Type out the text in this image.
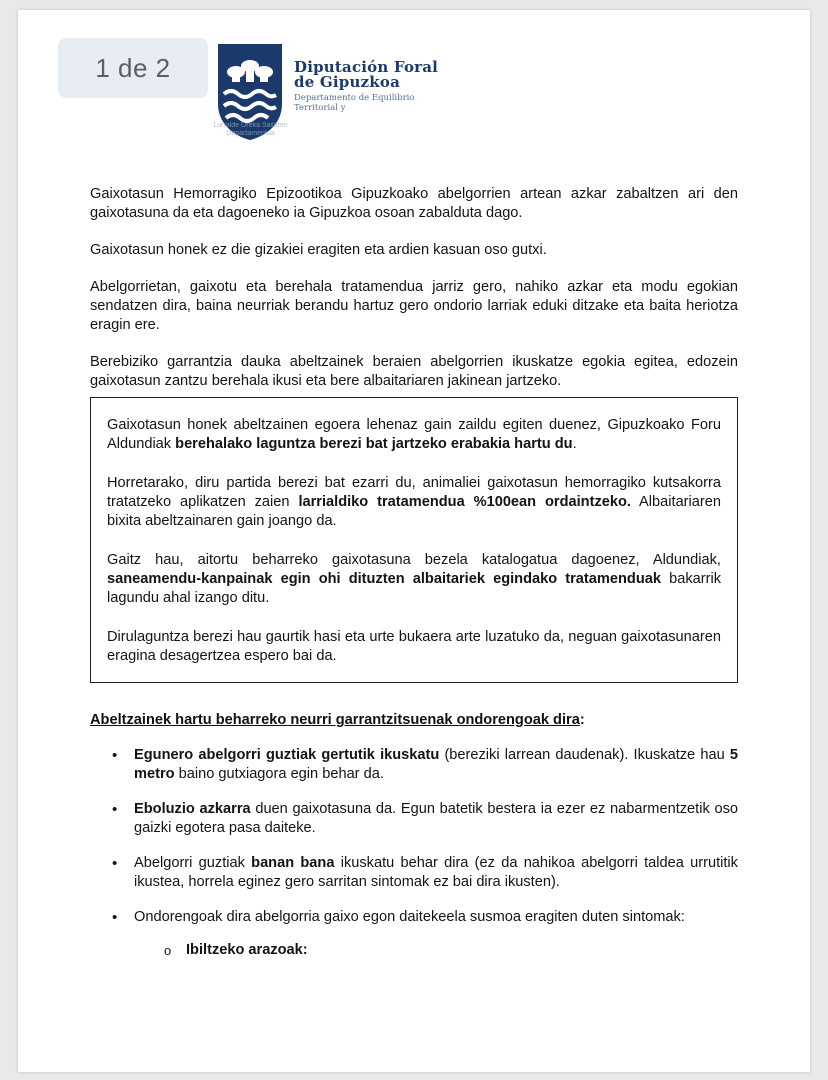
1 de 2	Diputación Foral
de Gipuzkoa
Departamento de Equilibrio
Territorial y
Lurralde Oreka Sailaren
Departamentua

Gaixotasun Hemorragiko Epizootikoa Gipuzkoako abelgorrien artean azkar zabaltzen ari den gaixotasuna da eta dagoeneko ia Gipuzkoa osoan zabalduta dago.

Gaixotasun honek ez die gizakiei eragiten eta ardien kasuan oso gutxi.

Abelgorrietan, gaixotu eta berehala tratamendua jarriz gero, nahiko azkar eta modu egokian sendatzen dira, baina neurriak berandu hartuz gero ondorio larriak eduki ditzake eta baita heriotza eragin ere.

Berebiziko garrantzia dauka abeltzainek beraien abelgorrien ikuskatze egokia egitea, edozein gaixotasun zantzu berehala ikusi eta bere albaitariaren jakinean jartzeko.

Gaixotasun honek abeltzainen egoera lehenaz gain zaildu egiten duenez, Gipuzkoako Foru Aldundiak berehalako laguntza berezi bat jartzeko erabakia hartu du.

Horretarako, diru partida berezi bat ezarri du, animaliei gaixotasun hemorragiko kutsakorra tratatzeko aplikatzen zaien larrialdiko tratamendua %100ean ordaintzeko. Albaitariaren bixita abeltzainaren gain joango da.

Gaitz hau, aitortu beharreko gaixotasuna bezela katalogatua dagoenez, Aldundiak, saneamendu-kanpainak egin ohi dituzten albaitariek egindako tratamenduak bakarrik lagundu ahal izango ditu.

Dirulaguntza berezi hau gaurtik hasi eta urte bukaera arte luzatuko da, neguan gaixotasunaren eragina desagertzea espero bai da.

Abeltzainek hartu beharreko neurri garrantzitsuenak ondorengoak dira:
• Egunero abelgorri guztiak gertutik ikuskatu (bereziki larrean daudenak). Ikuskatze hau 5 metro baino gutxiagora egin behar da.
• Eboluzio azkarra duen gaixotasuna da. Egun batetik bestera ia ezer ez nabarmentzetik oso gaizki egotera pasa daiteke.
• Abelgorri guztiak banan bana ikuskatu behar dira (ez da nahikoa abelgorri taldea urrutitik ikustea, horrela eginez gero sarritan sintomak ez bai dira ikusten).
• Ondorengoak dira abelgorria gaixo egon daitekeela susmoa eragiten duten sintomak:
o Ibiltzeko arazoak:
